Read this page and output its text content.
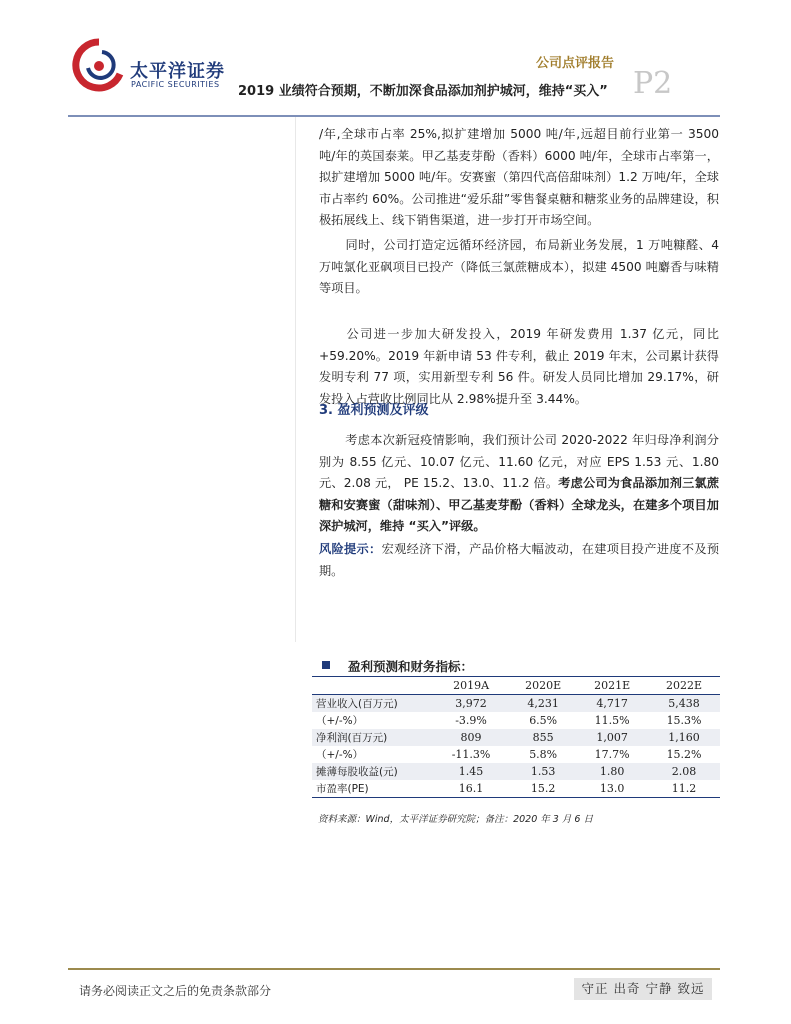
太平洋证券
PACIFIC SECURITIES
公司点评报告
2019 业绩符合预期，不断加深食品添加剂护城河，维持“买入” P2
/年,全球市占率 25%,拟扩建增加 5000 吨/年,远超目前行业第一 3500 吨/年的英国泰莱。甲乙基麦芽酚（香料）6000 吨/年，全球市占率第一，拟扩建增加 5000 吨/年。安赛蜜（第四代高倍甜味剂）1.2 万吨/年，全球市占率约 60%。公司推进“爱乐甜”零售餐桌糖和糖浆业务的品牌建设，积极拓展线上、线下销售渠道，进一步打开市场空间。
同时，公司打造定远循环经济园，布局新业务发展，1 万吨糠醛、4 万吨氯化亚砜项目已投产（降低三氯蔗糖成本），拟建 4500 吨麝香与味精等项目。
公司进一步加大研发投入，2019 年研发费用 1.37 亿元，同比 +59.20%。2019 年新申请 53 件专利，截止 2019 年末，公司累计获得发明专利 77 项，实用新型专利 56 件。研发人员同比增加 29.17%，研发投入占营收比例同比从 2.98%提升至 3.44%。
3. 盈利预测及评级
考虑本次新冠疫情影响，我们预计公司 2020-2022 年归母净利润分别为 8.55 亿元、10.07 亿元、11.60 亿元，对应 EPS 1.53 元、1.80 元、2.08 元， PE 15.2、13.0、11.2 倍。考虑公司为食品添加剂三氯蔗糖和安赛蜜（甜味剂）、甲乙基麦芽酚（香料）全球龙头，在建多个项目加深护城河，维持 “买入”评级。
风险提示：宏观经济下滑，产品价格大幅波动，在建项目投产进度不及预期。
盈利预测和财务指标：
	2019A	2020E	2021E	2022E
营业收入(百万元)	3,972	4,231	4,717	5,438
（+/-%）	-3.9%	6.5%	11.5%	15.3%
净利润(百万元)	809	855	1,007	1,160
（+/-%）	-11.3%	5.8%	17.7%	15.2%
摊薄每股收益(元)	1.45	1.53	1.80	2.08
市盈率(PE)	16.1	15.2	13.0	11.2
资料来源：Wind，太平洋证券研究院；备注：2020 年 3 月 6 日
请务必阅读正文之后的免责条款部分	守正 出奇 宁静 致远
